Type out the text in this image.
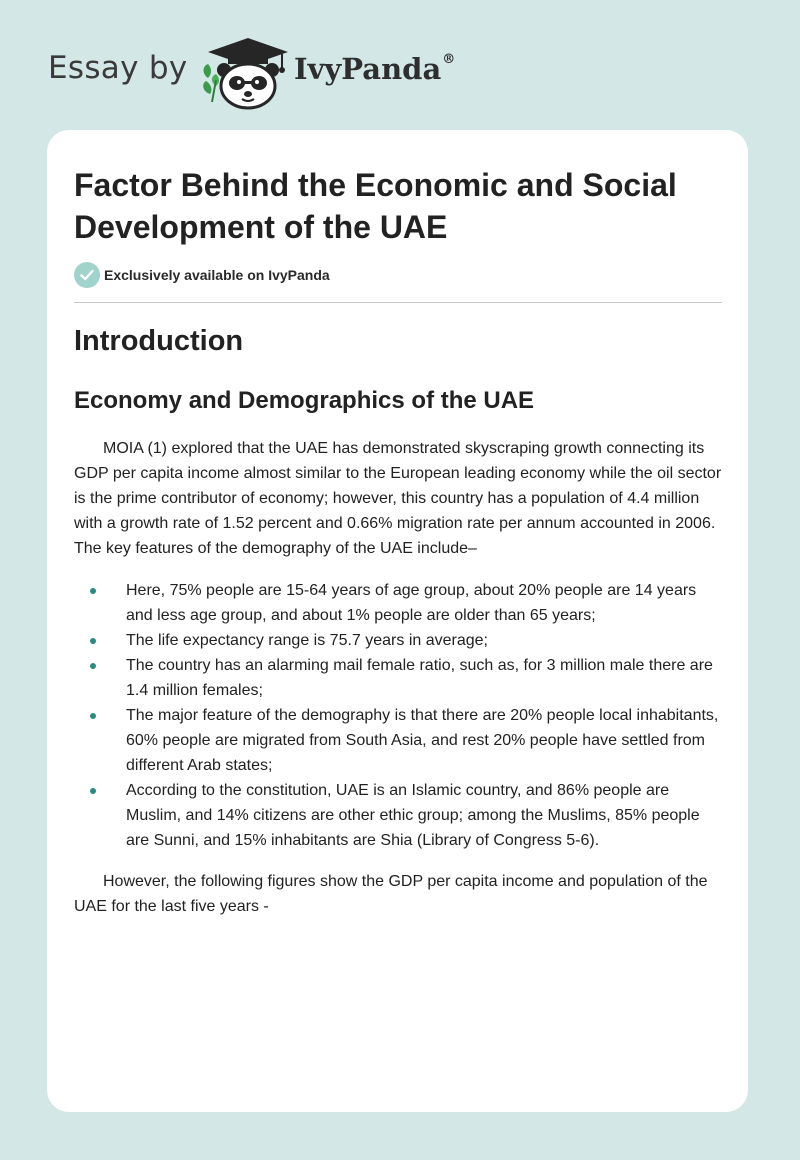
Essay by	IvyPanda®
Factor Behind the Economic and Social Development of the UAE
Exclusively available on IvyPanda
Introduction
Economy and Demographics of the UAE

MOIA (1) explored that the UAE has demonstrated skyscraping growth connecting its GDP per capita income almost similar to the European leading economy while the oil sector is the prime contributor of economy; however, this country has a population of 4.4 million with a growth rate of 1.52 percent and 0.66% migration rate per annum accounted in 2006. The key features of the demography of the UAE include–

Here, 75% people are 15-64 years of age group, about 20% people are 14 years and less age group, and about 1% people are older than 65 years;
The life expectancy range is 75.7 years in average;
The country has an alarming mail female ratio, such as, for 3 million male there are 1.4 million females;
The major feature of the demography is that there are 20% people local inhabitants, 60% people are migrated from South Asia, and rest 20% people have settled from different Arab states;
According to the constitution, UAE is an Islamic country, and 86% people are Muslim, and 14% citizens are other ethic group; among the Muslims, 85% people are Sunni, and 15% inhabitants are Shia (Library of Congress 5-6).

However, the following figures show the GDP per capita income and population of the UAE for the last five years -
